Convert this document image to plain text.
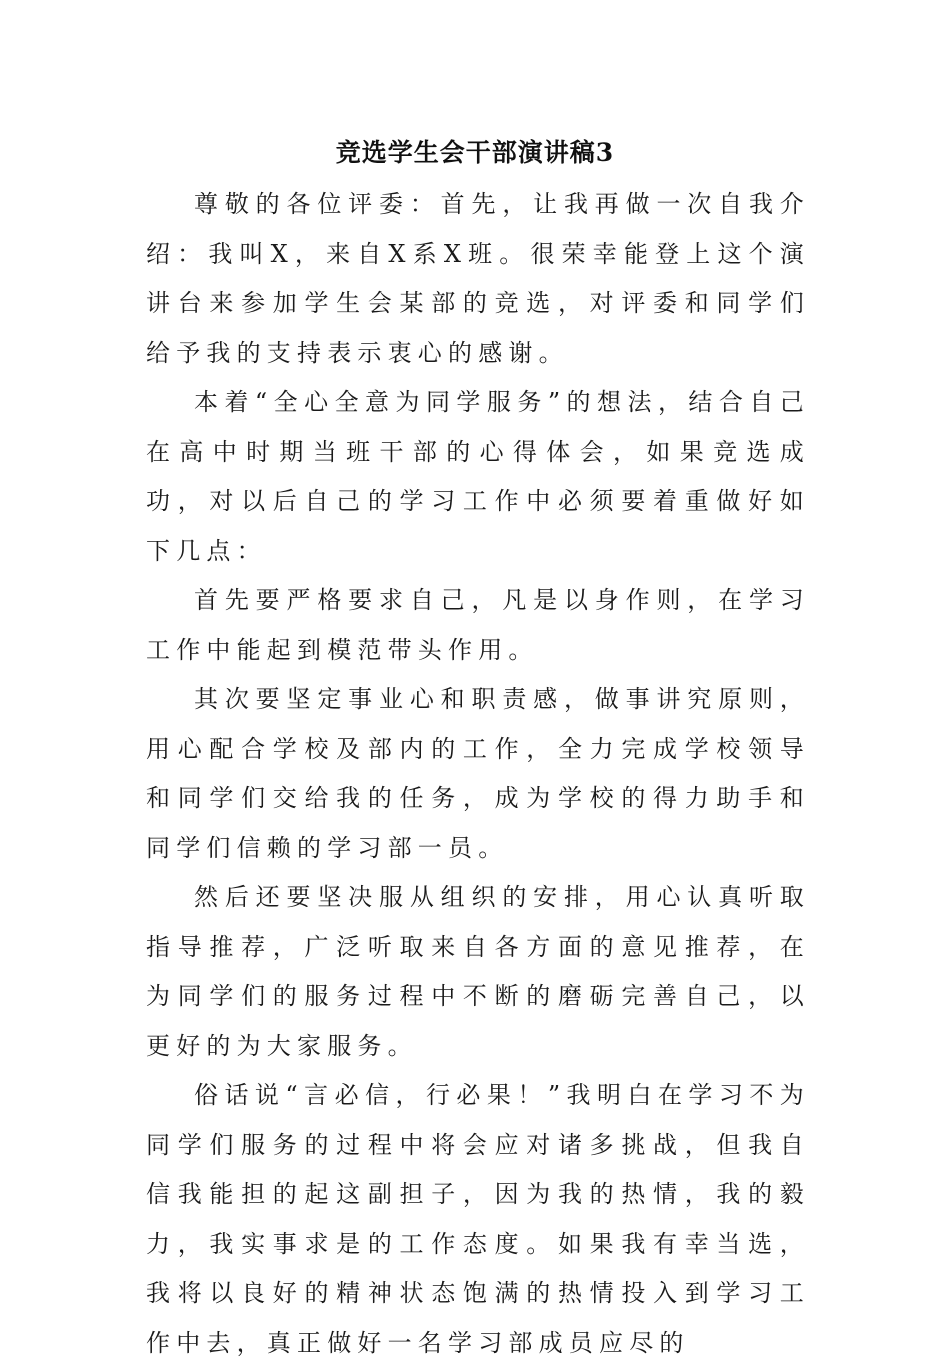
竞选学生会干部演讲稿3

尊敬的各位评委：首先，让我再做一次自我介绍：我叫X，来自X系X班。很荣幸能登上这个演讲台来参加学生会某部的竞选，对评委和同学们给予我的支持表示衷心的感谢。

本着“全心全意为同学服务”的想法，结合自己在高中时期当班干部的心得体会，如果竞选成功，对以后自己的学习工作中必须要着重做好如下几点：

首先要严格要求自己，凡是以身作则，在学习工作中能起到模范带头作用。

其次要坚定事业心和职责感，做事讲究原则，用心配合学校及部内的工作，全力完成学校领导和同学们交给我的任务，成为学校的得力助手和同学们信赖的学习部一员。

然后还要坚决服从组织的安排，用心认真听取指导推荐，广泛听取来自各方面的意见推荐，在为同学们的服务过程中不断的磨砺完善自己，以更好的为大家服务。

俗话说“言必信，行必果！”我明白在学习不为同学们服务的过程中将会应对诸多挑战，但我自信我能担的起这副担子，因为我的热情，我的毅力，我实事求是的工作态度。如果我有幸当选，我将以良好的精神状态饱满的热情投入到学习工作中去，真正做好一名学习部成员应尽的
